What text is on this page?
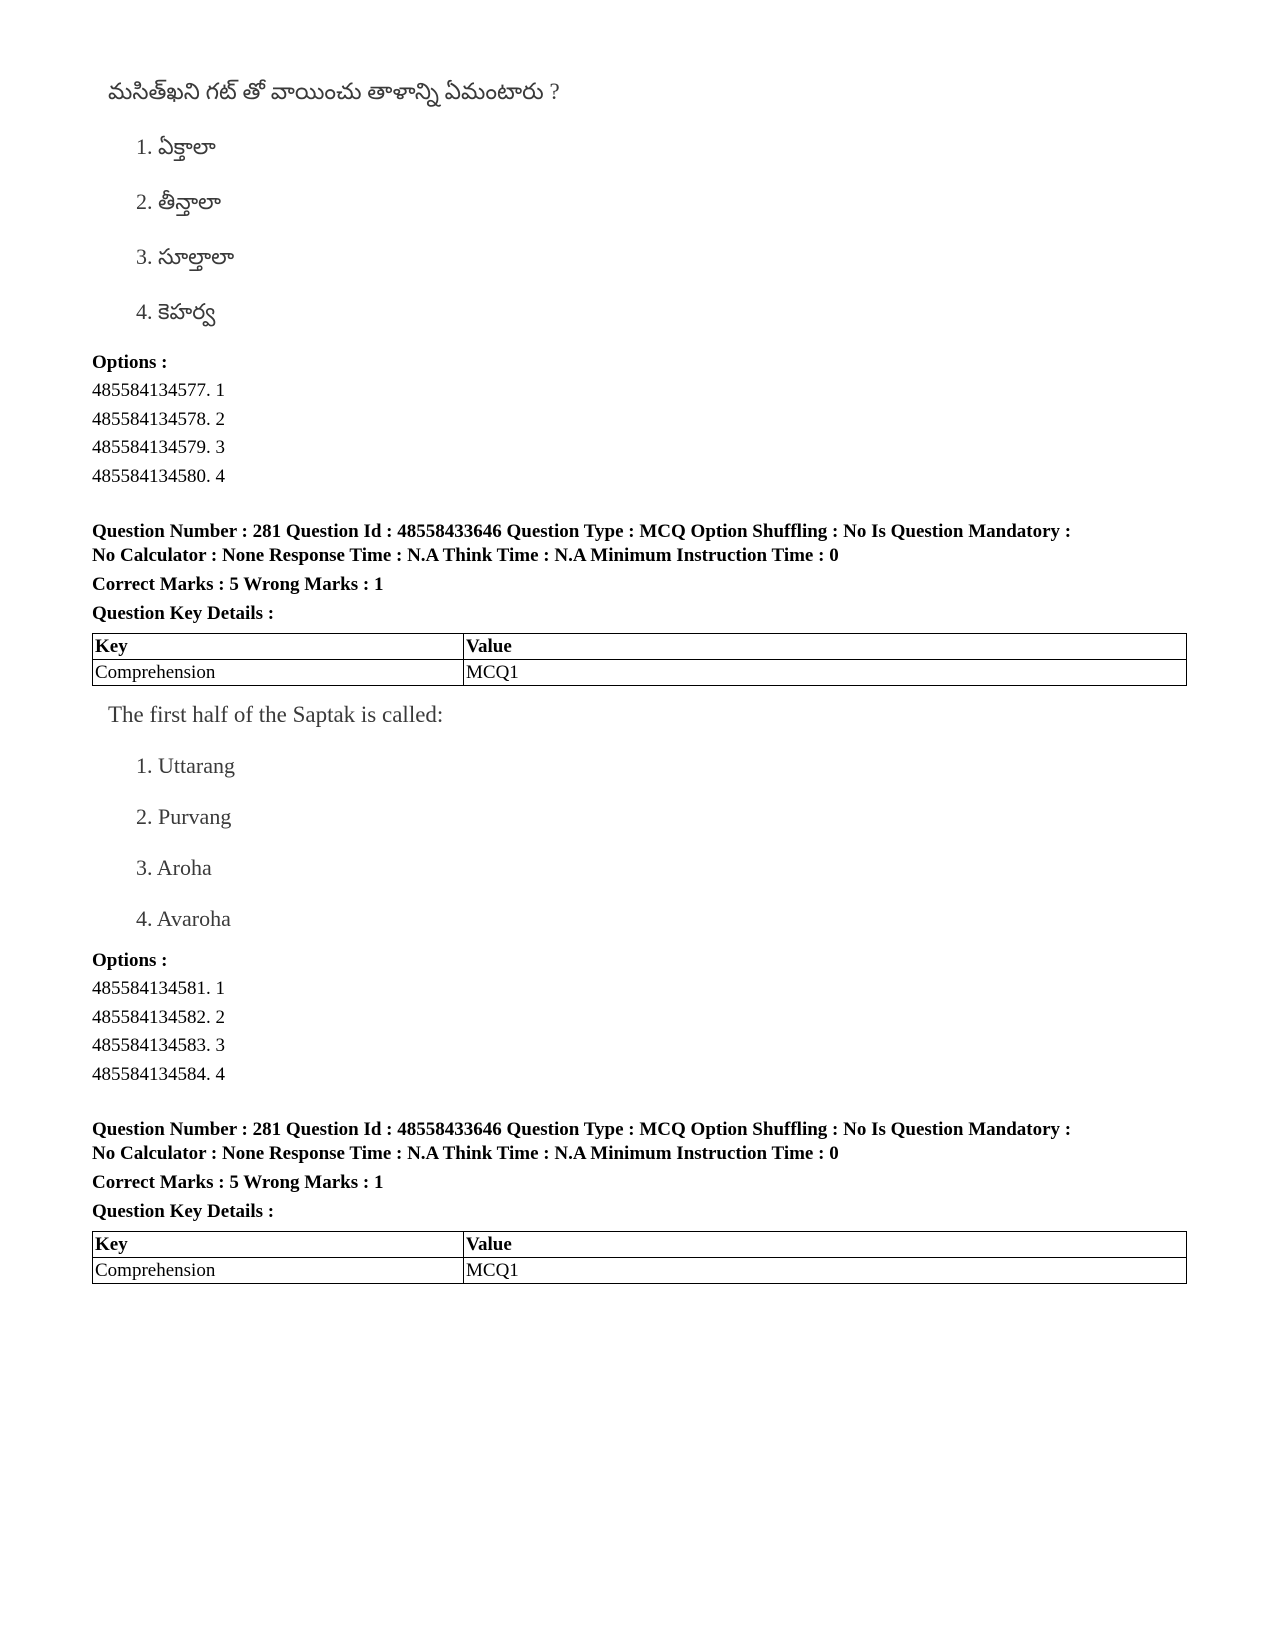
మసిత్‌ఖని గట్ తో వాయించు తాళాన్ని ఏమంటారు ?
1. ఏక్తాలా
2. తీన్తాలా
3. సూల్తాలా
4. కెహర్వ
Options :
485584134577. 1
485584134578. 2
485584134579. 3
485584134580. 4
Question Number : 281 Question Id : 48558433646 Question Type : MCQ Option Shuffling : No Is Question Mandatory :
No Calculator : None Response Time : N.A Think Time : N.A Minimum Instruction Time : 0
Correct Marks : 5 Wrong Marks : 1
Question Key Details :
Key	Value
Comprehension	MCQ1
The first half of the Saptak is called:
1. Uttarang
2. Purvang
3. Aroha
4. Avaroha
Options :
485584134581. 1
485584134582. 2
485584134583. 3
485584134584. 4
Question Number : 281 Question Id : 48558433646 Question Type : MCQ Option Shuffling : No Is Question Mandatory :
No Calculator : None Response Time : N.A Think Time : N.A Minimum Instruction Time : 0
Correct Marks : 5 Wrong Marks : 1
Question Key Details :
Key	Value
Comprehension	MCQ1
